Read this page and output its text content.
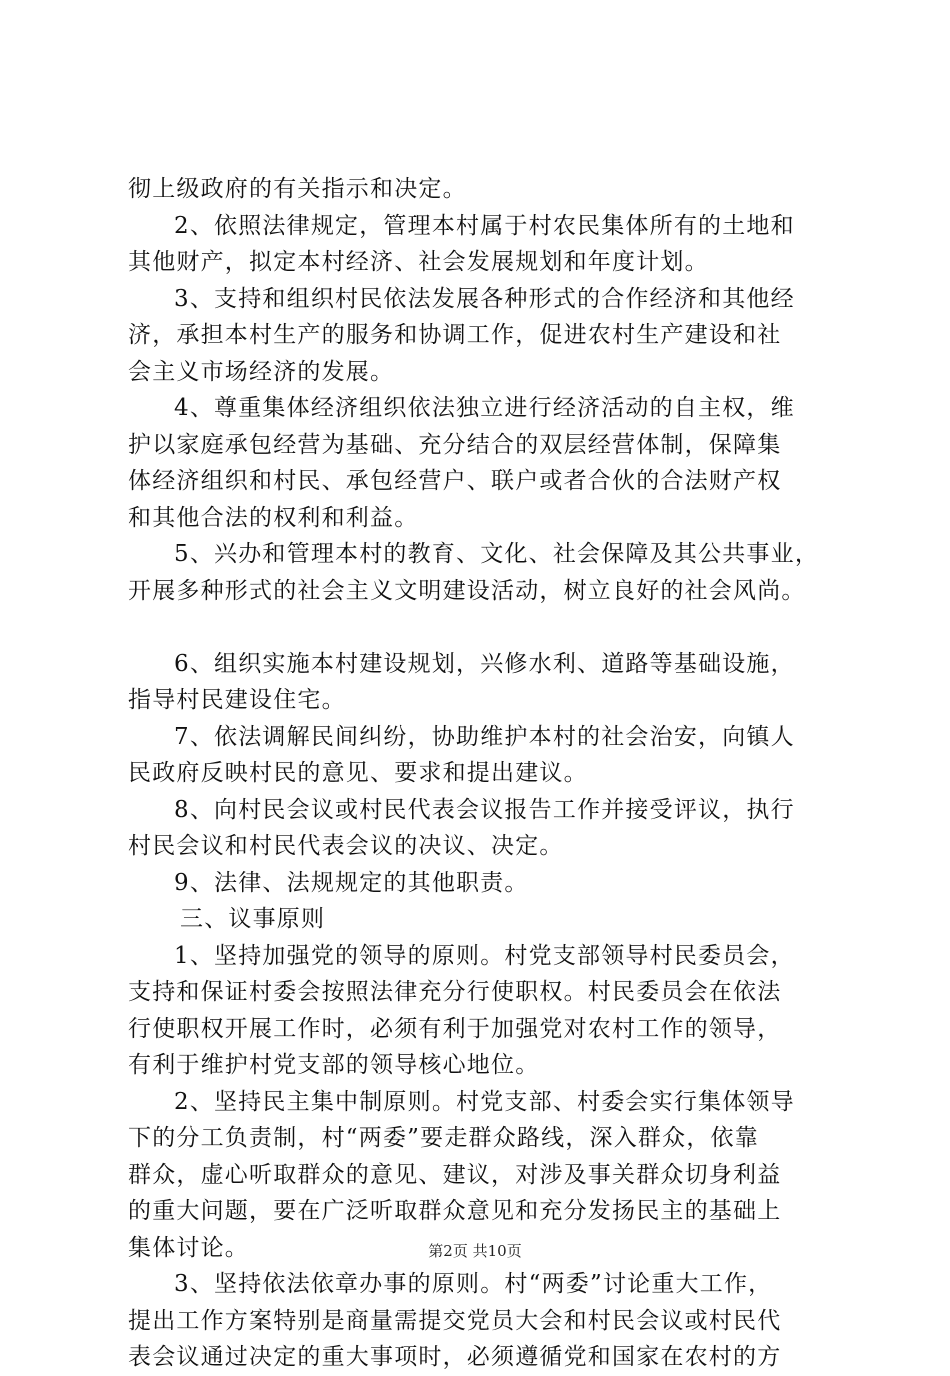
彻上级政府的有关指示和决定。
2、依照法律规定，管理本村属于村农民集体所有的土地和
其他财产，拟定本村经济、社会发展规划和年度计划。
3、支持和组织村民依法发展各种形式的合作经济和其他经
济，承担本村生产的服务和协调工作，促进农村生产建设和社
会主义市场经济的发展。
4、尊重集体经济组织依法独立进行经济活动的自主权，维
护以家庭承包经营为基础、充分结合的双层经营体制，保障集
体经济组织和村民、承包经营户、联户或者合伙的合法财产权
和其他合法的权利和利益。
5、兴办和管理本村的教育、文化、社会保障及其公共事业，
开展多种形式的社会主义文明建设活动，树立良好的社会风尚。
6、组织实施本村建设规划，兴修水利、道路等基础设施，
指导村民建设住宅。
7、依法调解民间纠纷，协助维护本村的社会治安，向镇人
民政府反映村民的意见、要求和提出建议。
8、向村民会议或村民代表会议报告工作并接受评议，执行
村民会议和村民代表会议的决议、决定。
9、法律、法规规定的其他职责。
三、议事原则
1、坚持加强党的领导的原则。村党支部领导村民委员会，
支持和保证村委会按照法律充分行使职权。村民委员会在依法
行使职权开展工作时，必须有利于加强党对农村工作的领导，
有利于维护村党支部的领导核心地位。
2、坚持民主集中制原则。村党支部、村委会实行集体领导
下的分工负责制，村“两委”要走群众路线，深入群众，依靠
群众，虚心听取群众的意见、建议，对涉及事关群众切身利益
的重大问题，要在广泛听取群众意见和充分发扬民主的基础上
集体讨论。
3、坚持依法依章办事的原则。村“两委”讨论重大工作，
提出工作方案特别是商量需提交党员大会和村民会议或村民代
表会议通过决定的重大事项时，必须遵循党和国家在农村的方
第2页 共10页
